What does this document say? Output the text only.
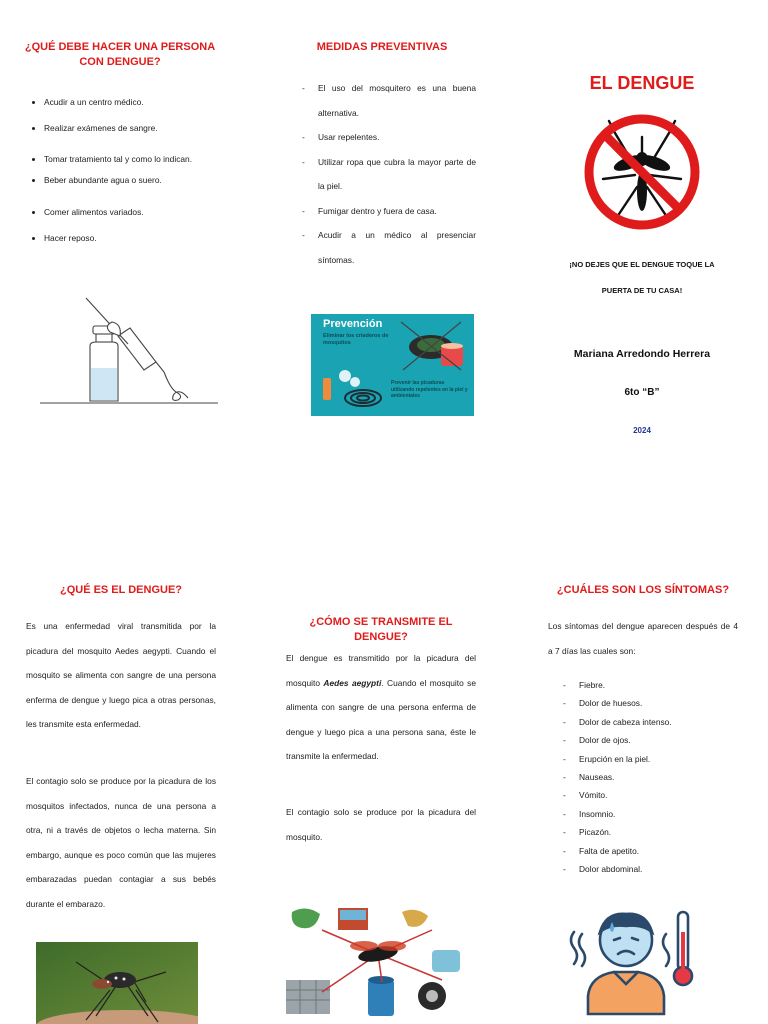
¿QUÉ DEBE HACER UNA PERSONA CON DENGUE?
• Acudir a un centro médico.
• Realizar exámenes de sangre.
• Tomar tratamiento tal y como lo indican.
• Beber abundante agua o suero.
• Comer alimentos variados.
• Hacer reposo.
MEDIDAS PREVENTIVAS
- El uso del mosquitero es una buena alternativa.
- Usar repelentes.
- Utilizar ropa que cubra la mayor parte de la piel.
- Fumigar dentro y fuera de casa.
- Acudir a un médico al presenciar síntomas.
Prevención
Eliminar los criaderos de mosquitos
Prevenir las picaduras utilizando repelentes en la piel y ambientales
EL DENGUE
¡NO DEJES QUE EL DENGUE TOQUE LA
PUERTA DE TU CASA!
Mariana Arredondo Herrera
6to “B”
2024
¿QUÉ ES EL DENGUE?
Es una enfermedad viral transmitida por la picadura del mosquito Aedes aegypti. Cuando el mosquito se alimenta con sangre de una persona enferma de dengue y luego pica a otras personas, les transmite esta enfermedad.
El contagio solo se produce por la picadura de los mosquitos infectados, nunca de una persona a otra, ni a través de objetos o lecha materna. Sin embargo, aunque es poco común que las mujeres embarazadas puedan contagiar a sus bebés durante el embarazo.
¿CÓMO SE TRANSMITE EL DENGUE?
El dengue es transmitido por la picadura del mosquito Aedes aegypti. Cuando el mosquito se alimenta con sangre de una persona enferma de dengue y luego pica a una persona sana, éste le transmite la enfermedad.
El contagio solo se produce por la picadura del mosquito.
¿CUÁLES SON LOS SÍNTOMAS?
Los síntomas del dengue aparecen después de 4 a 7 días las cuales son:
- Fiebre.
- Dolor de huesos.
- Dolor de cabeza intenso.
- Dolor de ojos.
- Erupción en la piel.
- Nauseas.
- Vómito.
- Insomnio.
- Picazón.
- Falta de apetito.
- Dolor abdominal.
